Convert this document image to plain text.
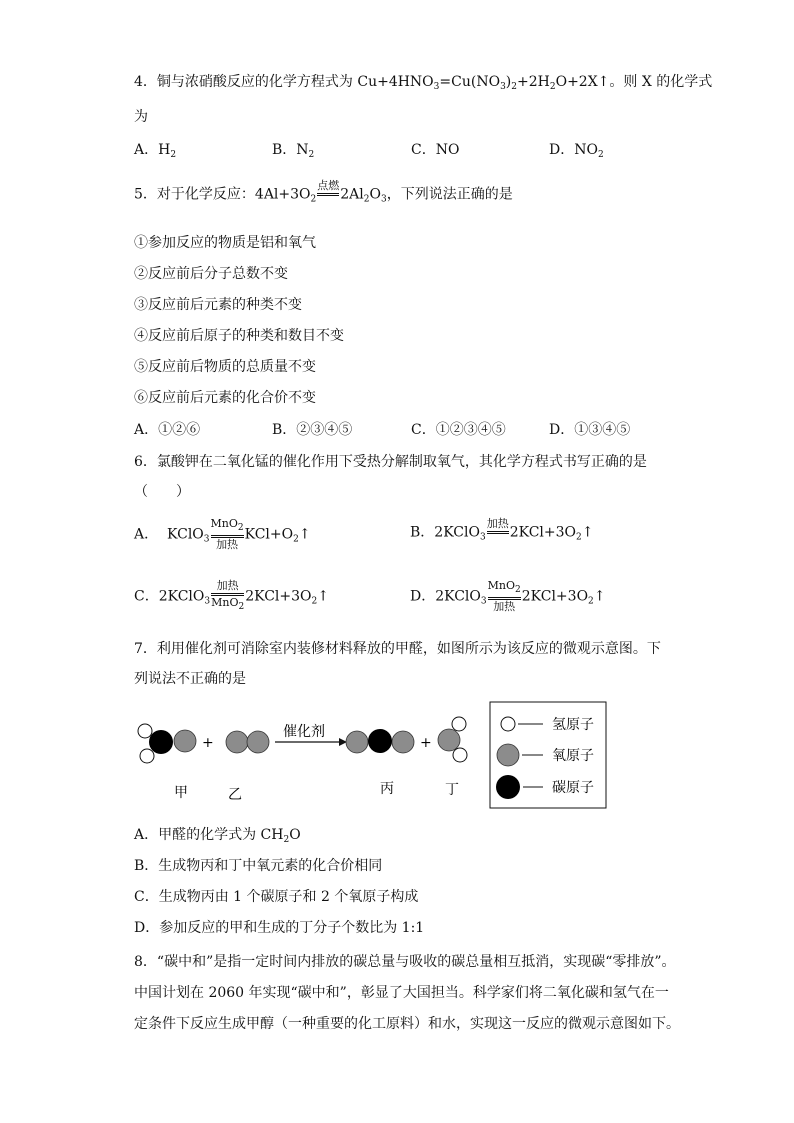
4．铜与浓硝酸反应的化学方程式为 $Cu+4HNO_3=Cu(NO_3)_2+2H_2O+2X↑$。则 X 的化学式
为
A．$H_2$	B．$N_2$	C．NO	D．$NO_2$
5．对于化学反应：$4Al+3O_2$
点燃

$2Al_2O_3$，下列说法正确的是
①参加反应的物质是铝和氧气
②反应前后分子总数不变
③反应前后元素的种类不变
④反应前后原子的种类和数目不变
⑤反应前后物质的总质量不变
⑥反应前后元素的化合价不变
A．①②⑥	B．②③④⑤	C．①②③④⑤	D．①③④⑤
6．氯酸钾在二氧化锰的催化作用下受热分解制取氧气，其化学方程式书写正确的是
（　　）
A． KClO$_3$
MnO$_2$
加热
$KCl+O_2↑$	B．2KClO$_3$
加热

$2KCl+3O_2↑$
C．2KClO$_3$
加热
MnO$_2$
$2KCl+3O_2↑$	D．2KClO$_3$
MnO$_2$
加热
$2KCl+3O_2↑$
7．利用催化剂可消除室内装修材料释放的甲醛，如图所示为该反应的微观示意图。下
列说法不正确的是
+
催化剂
+
甲	乙	丙	丁
氢原子
氧原子
碳原子
A．甲醛的化学式为 $CH_2O$
B．生成物丙和丁中氧元素的化合价相同
C．生成物丙由 1 个碳原子和 2 个氧原子构成
D．参加反应的甲和生成的丁分子个数比为 1:1
8．“碳中和”是指一定时间内排放的碳总量与吸收的碳总量相互抵消，实现碳“零排放”。
中国计划在 2060 年实现“碳中和”，彰显了大国担当。科学家们将二氧化碳和氢气在一
定条件下反应生成甲醇（一种重要的化工原料）和水，实现这一反应的微观示意图如下。
